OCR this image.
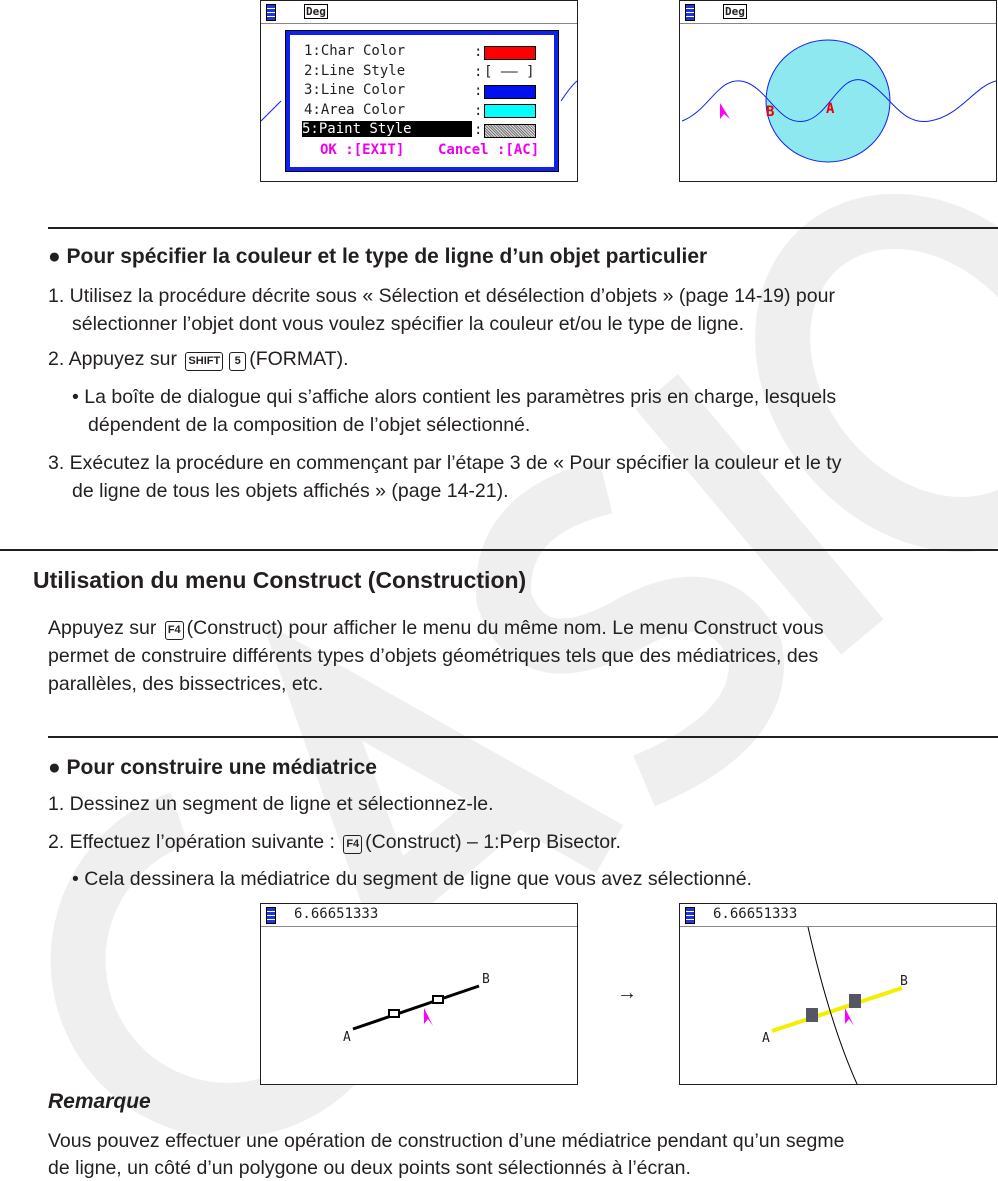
Deg
1:Char Color
2:Line Style
3:Line Color
4:Area Color
5:Paint Style
:
:
:
:
:
[ —— ]
OK :[EXIT] Cancel :[AC]
Deg
B	A
● Pour spécifier la couleur et le type de ligne d’un objet particulier
1. Utilisez la procédure décrite sous « Sélection et désélection d’objets » (page 14-19) pour
sélectionner l’objet dont vous voulez spécifier la couleur et/ou le type de ligne.
2. Appuyez sur SHIFT 5 (FORMAT).
• La boîte de dialogue qui s’affiche alors contient les paramètres pris en charge, lesquels
dépendent de la composition de l’objet sélectionné.
3. Exécutez la procédure en commençant par l’étape 3 de « Pour spécifier la couleur et le ty
de ligne de tous les objets affichés » (page 14-21).
Utilisation du menu Construct (Construction)
Appuyez sur F4 (Construct) pour afficher le menu du même nom. Le menu Construct vous
permet de construire différents types d’objets géométriques tels que des médiatrices, des
parallèles, des bissectrices, etc.
● Pour construire une médiatrice
1. Dessinez un segment de ligne et sélectionnez-le.
2. Effectuez l’opération suivante : F4 (Construct) – 1:Perp Bisector.
• Cela dessinera la médiatrice du segment de ligne que vous avez sélectionné.
6.66651333
A
B
→
6.66651333
A
B
Remarque
Vous pouvez effectuer une opération de construction d’une médiatrice pendant qu’un segme
de ligne, un côté d’un polygone ou deux points sont sélectionnés à l’écran.
